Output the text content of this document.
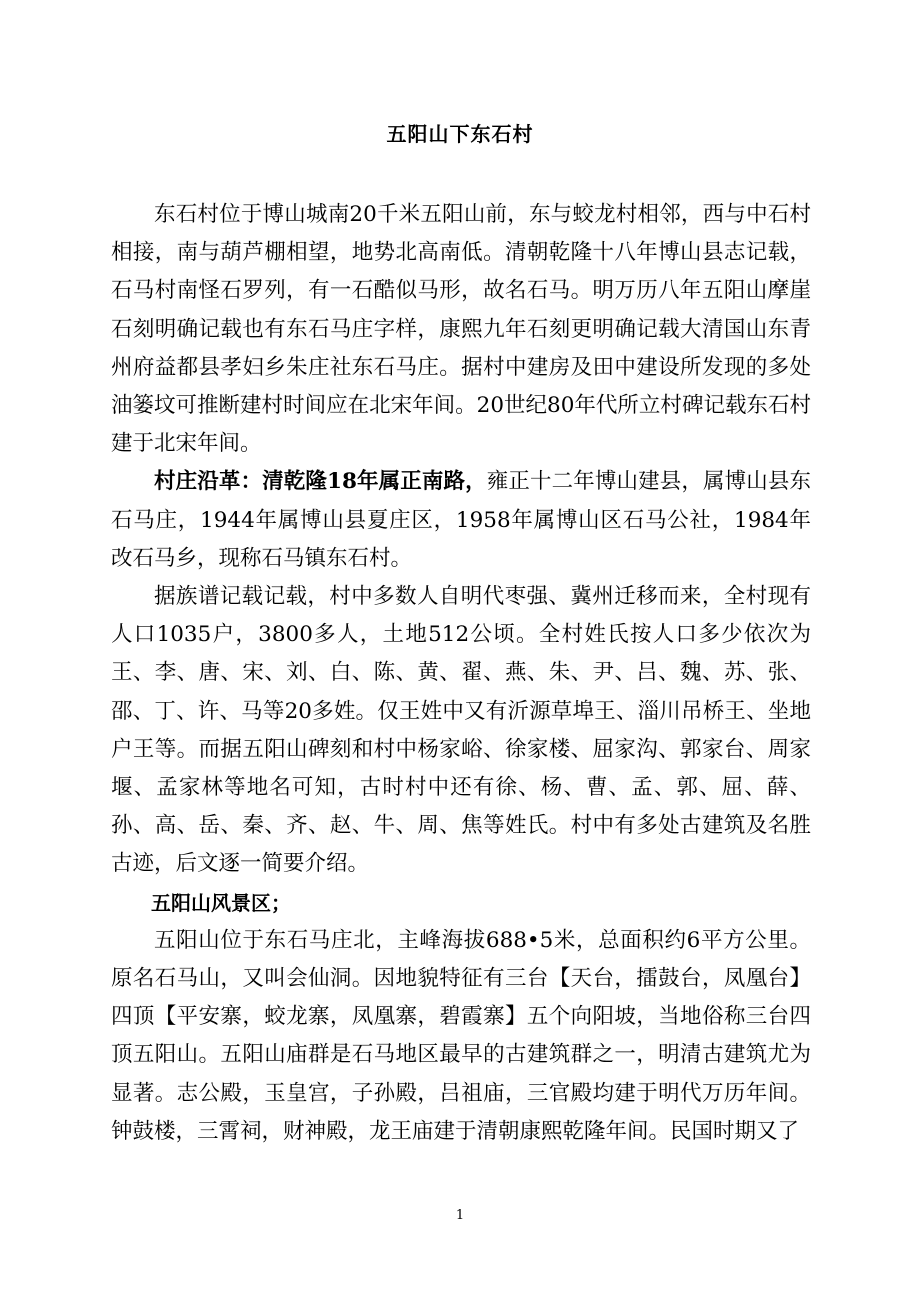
五阳山下东石村

东石村位于博山城南20千米五阳山前，东与蛟龙村相邻，西与中石村相接，南与葫芦棚相望，地势北高南低。清朝乾隆十八年博山县志记载，石马村南怪石罗列，有一石酷似马形，故名石马。明万历八年五阳山摩崖石刻明确记载也有东石马庄字样，康熙九年石刻更明确记载大清国山东青州府益都县孝妇乡朱庄社东石马庄。据村中建房及田中建设所发现的多处油篓坟可推断建村时间应在北宋年间。20世纪80年代所立村碑记载东石村建于北宋年间。

村庄沿革：清乾隆18年属正南路，雍正十二年博山建县，属博山县东石马庄，1944年属博山县夏庄区，1958年属博山区石马公社，1984年改石马乡，现称石马镇东石村。

据族谱记载记载，村中多数人自明代枣强、冀州迁移而来，全村现有人口1035户，3800多人，土地512公顷。全村姓氏按人口多少依次为王、李、唐、宋、刘、白、陈、黄、翟、燕、朱、尹、吕、魏、苏、张、邵、丁、许、马等20多姓。仅王姓中又有沂源草埠王、淄川吊桥王、坐地户王等。而据五阳山碑刻和村中杨家峪、徐家楼、屈家沟、郭家台、周家堰、孟家林等地名可知，古时村中还有徐、杨、曹、孟、郭、屈、薛、孙、高、岳、秦、齐、赵、牛、周、焦等姓氏。村中有多处古建筑及名胜古迹，后文逐一简要介绍。

五阳山风景区；

五阳山位于东石马庄北，主峰海拔688•5米，总面积约6平方公里。原名石马山，又叫会仙洞。因地貌特征有三台【天台，擂鼓台，凤凰台】四顶【平安寨，蛟龙寨，凤凰寨，碧霞寨】五个向阳坡，当地俗称三台四顶五阳山。五阳山庙群是石马地区最早的古建筑群之一，明清古建筑尤为显著。志公殿，玉皇宫，子孙殿，吕祖庙，三官殿均建于明代万历年间。钟鼓楼，三霄祠，财神殿，龙王庙建于清朝康熙乾隆年间。民国时期又了

1
